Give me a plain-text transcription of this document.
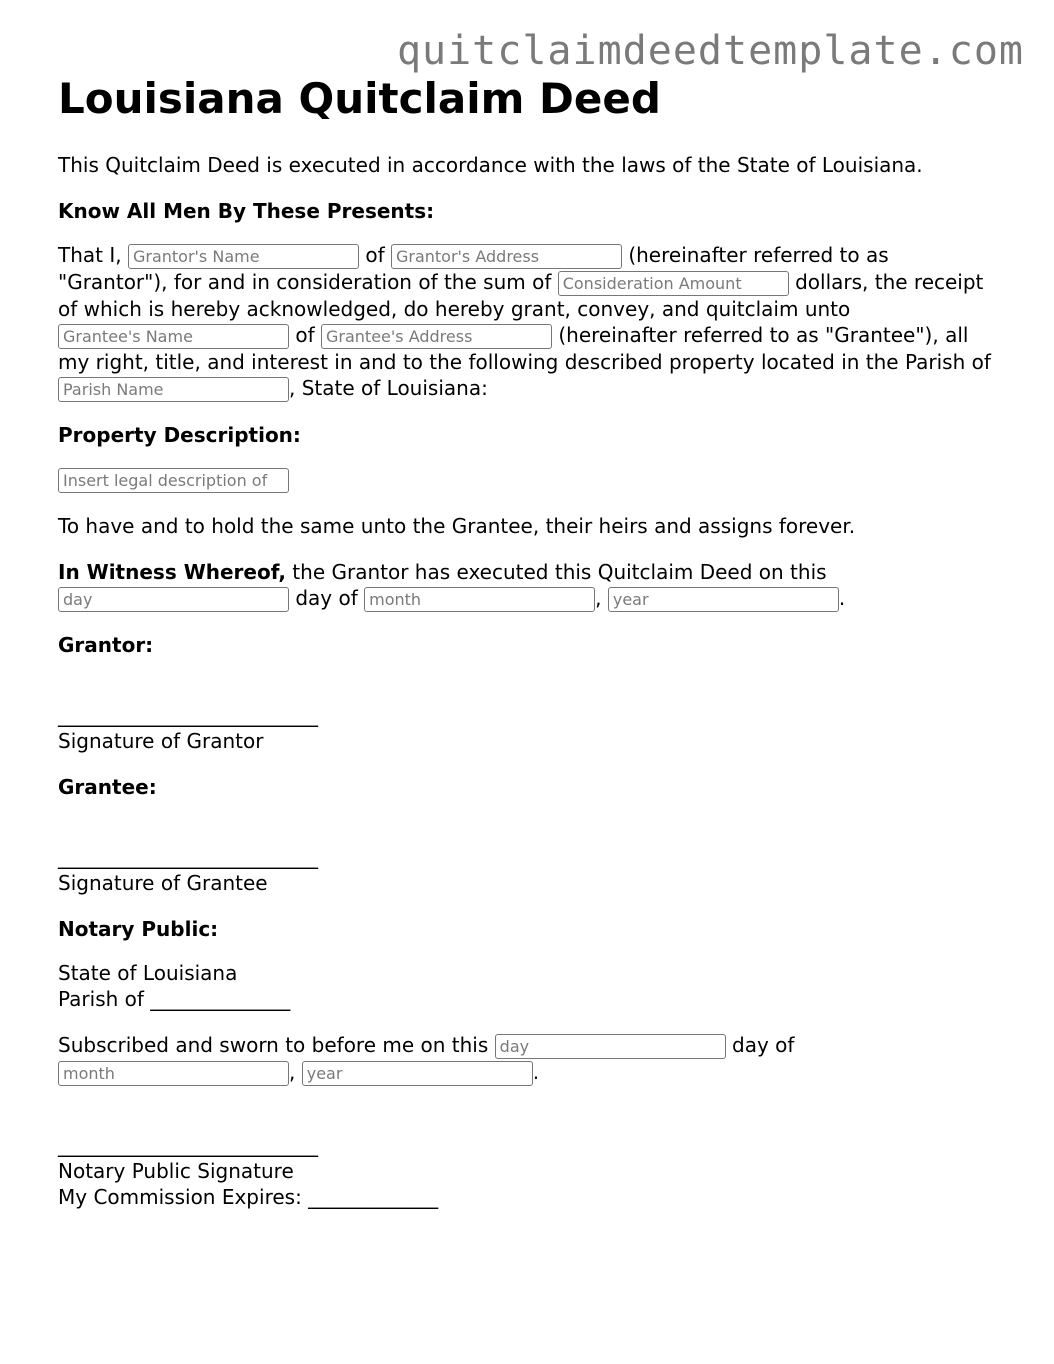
quitclaimdeedtemplate.com
Louisiana Quitclaim Deed

This Quitclaim Deed is executed in accordance with the laws of the State of Louisiana.

Know All Men By These Presents:

That I, Grantor's Name	of Grantor's Address	(hereinafter referred to as "Grantor"), for and in consideration of the sum of Consideration Amount	dollars, the receipt of which is hereby acknowledged, do hereby grant, convey, and quitclaim unto Grantee's Name of Grantee's Address	(hereinafter referred to as "Grantee"), all my right, title, and interest in and to the following described property located in the Parish of Parish Name, State of Louisiana:

Property Description:

Insert legal description of

To have and to hold the same unto the Grantee, their heirs and assigns forever.

In Witness Whereof, the Grantor has executed this Quitclaim Deed on this
day day of month	, year	.

Grantor:

__________________________
Signature of Grantor

Grantee:

__________________________
Signature of Grantee

Notary Public:

State of Louisiana
Parish of ______________

Subscribed and sworn to before me on this day	day of
month, year	.

__________________________
Notary Public Signature
My Commission Expires: _____________
